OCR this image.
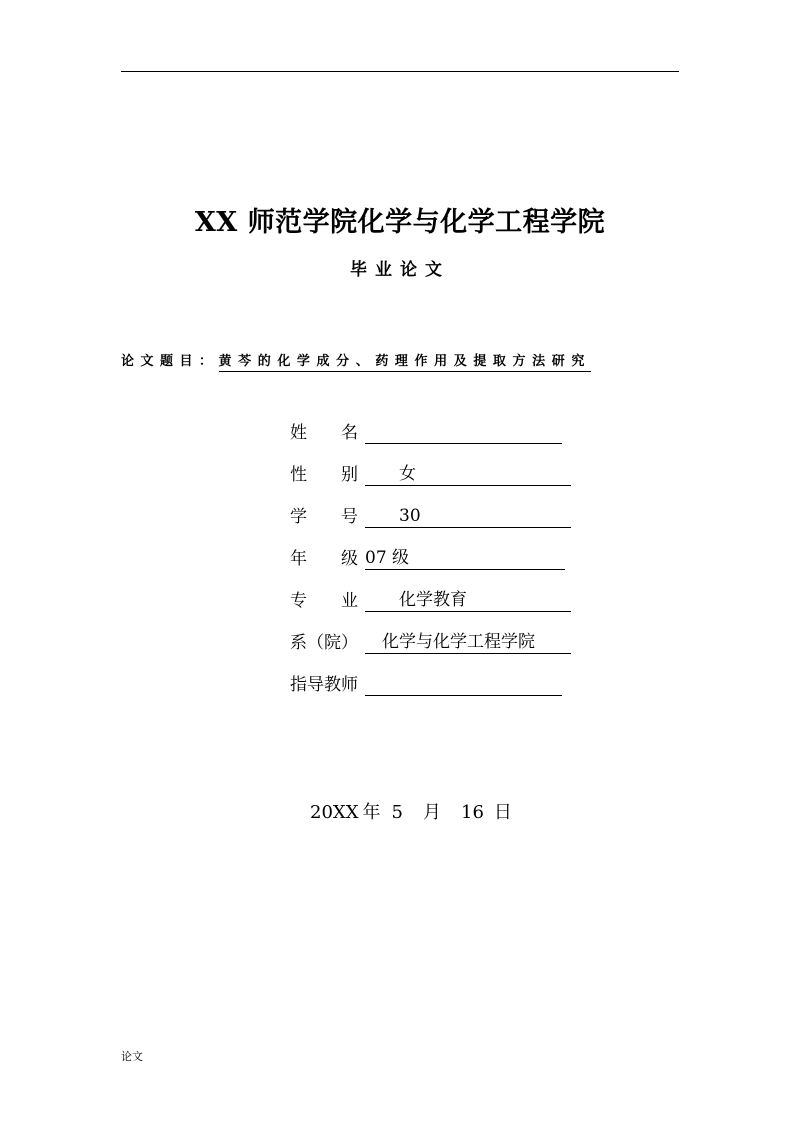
XX 师范学院化学与化学工程学院
毕业论文
论文题目：黄芩的化学成分、药理作用及提取方法研究
姓　　名
性　　别　　女
学　　号　　30
年　　级 07 级
专　　业　　化学教育
系（院）　化学与化学工程学院
指导教师
20XX 年 5 月 16 日
论文
